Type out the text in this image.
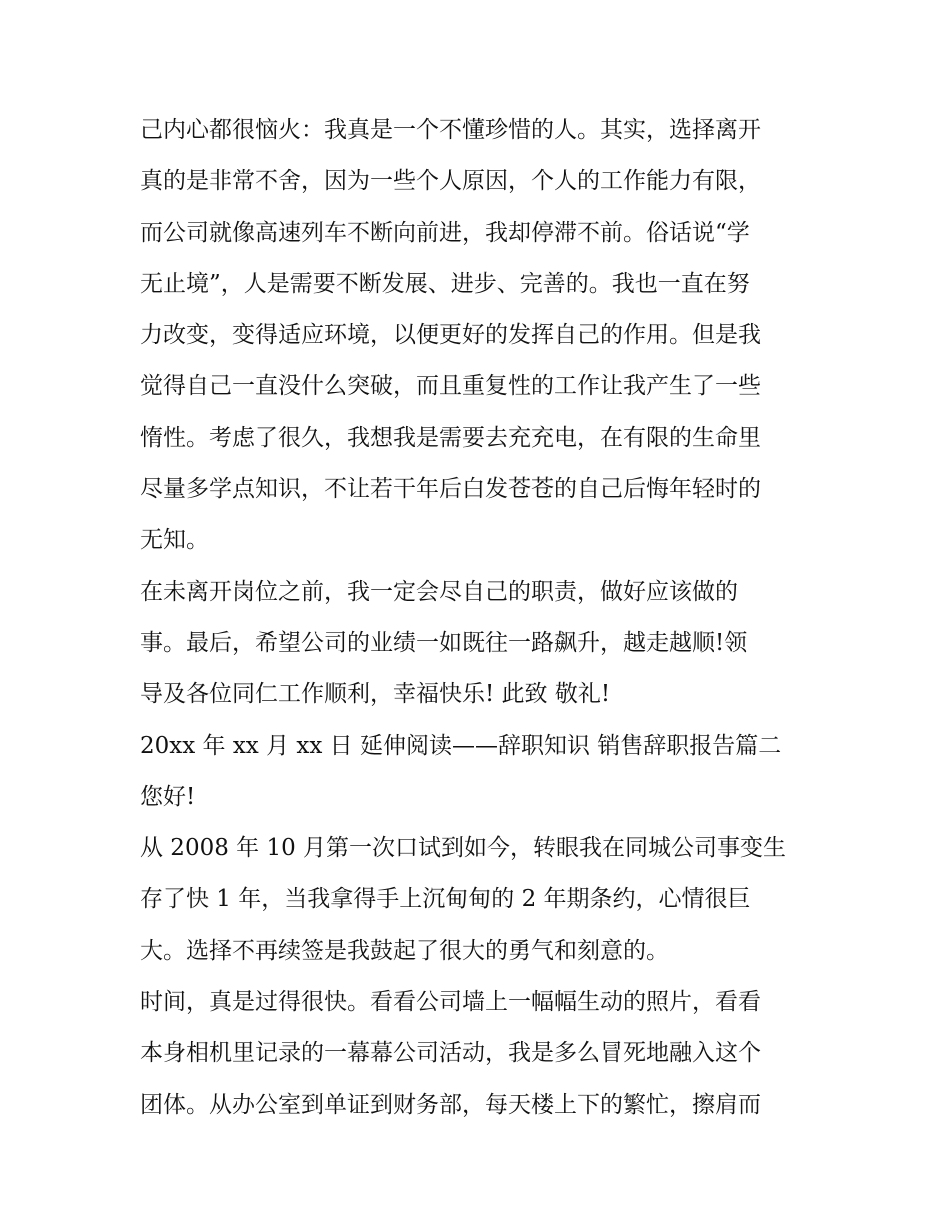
己内心都很恼火：我真是一个不懂珍惜的人。其实，选择离开
真的是非常不舍，因为一些个人原因，个人的工作能力有限，
而公司就像高速列车不断向前进，我却停滞不前。俗话说“学
无止境”，人是需要不断发展、进步、完善的。我也一直在努
力改变，变得适应环境，以便更好的发挥自己的作用。但是我
觉得自己一直没什么突破，而且重复性的工作让我产生了一些
惰性。考虑了很久，我想我是需要去充充电，在有限的生命里
尽量多学点知识，不让若干年后白发苍苍的自己后悔年轻时的
无知。

在未离开岗位之前，我一定会尽自己的职责，做好应该做的
事。最后，希望公司的业绩一如既往一路飙升，越走越顺!领
导及各位同仁工作顺利，幸福快乐! 此致 敬礼!

20xx 年 xx 月 xx 日 延伸阅读——辞职知识 销售辞职报告篇二

您好!

从 2008 年 10 月第一次口试到如今，转眼我在同城公司事变生
存了快 1 年，当我拿得手上沉甸甸的 2 年期条约，心情很巨
大。选择不再续签是我鼓起了很大的勇气和刻意的。

时间，真是过得很快。看看公司墙上一幅幅生动的照片，看看
本身相机里记录的一幕幕公司活动，我是多么冒死地融入这个
团体。从办公室到单证到财务部，每天楼上下的繁忙，擦肩而
